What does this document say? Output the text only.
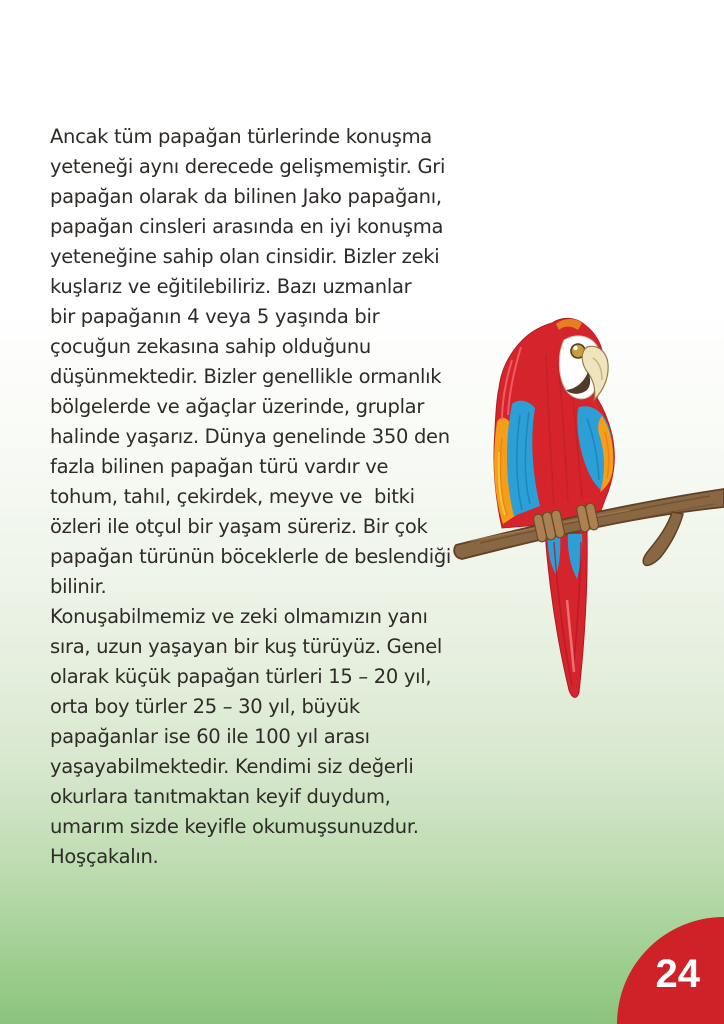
Ancak tüm papağan türlerinde konuşma
yeteneği aynı derecede gelişmemiştir. Gri
papağan olarak da bilinen Jako papağanı,
papağan cinsleri arasında en iyi konuşma
yeteneğine sahip olan cinsidir. Bizler zeki
kuşlarız ve eğitilebiliriz. Bazı uzmanlar
bir papağanın 4 veya 5 yaşında bir
çocuğun zekasına sahip olduğunu
düşünmektedir. Bizler genellikle ormanlık
bölgelerde ve ağaçlar üzerinde, gruplar
halinde yaşarız. Dünya genelinde 350 den
fazla bilinen papağan türü vardır ve
tohum, tahıl, çekirdek, meyve ve  bitki
özleri ile otçul bir yaşam süreriz. Bir çok
papağan türünün böceklerle de beslendiği
bilinir.
Konuşabilmemiz ve zeki olmamızın yanı
sıra, uzun yaşayan bir kuş türüyüz. Genel
olarak küçük papağan türleri 15 – 20 yıl,
orta boy türler 25 – 30 yıl, büyük
papağanlar ise 60 ile 100 yıl arası
yaşayabilmektedir. Kendimi siz değerli
okurlara tanıtmaktan keyif duydum,
umarım sizde keyifle okumuşsunuzdur.
Hoşçakalın.
24
